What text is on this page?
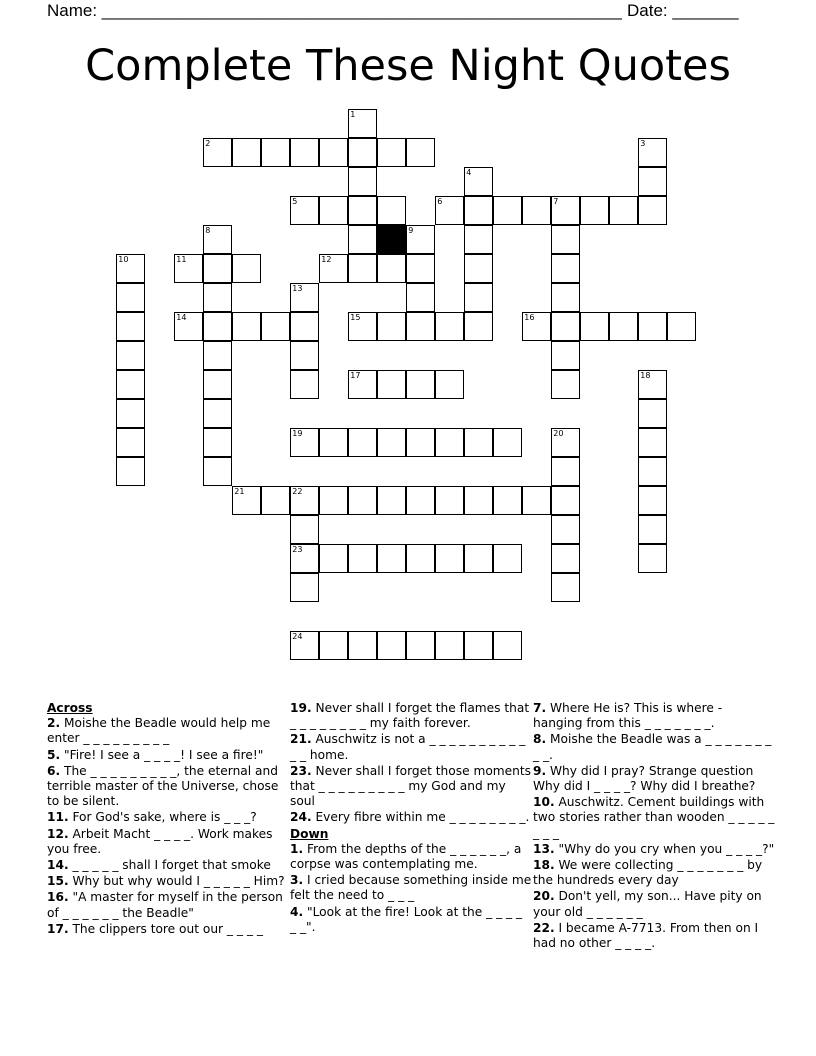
Name: _______________________________________________________ Date: _______
Complete These Night Quotes
1
2	3
4
5	6	7
8	9
10	11	12
13
14	15	16
17	18
19	20
21	22
23
24
Across
2. Moishe the Beadle would help me enter _ _ _ _ _ _ _ _ _
5. "Fire! I see a _ _ _ _! I see a fire!"
6. The _ _ _ _ _ _ _ _ _, the eternal and terrible master of the Universe, chose to be silent.
11. For God's sake, where is _ _ _?
12. Arbeit Macht _ _ _ _. Work makes you free.
14. _ _ _ _ _ shall I forget that smoke
15. Why but why would I _ _ _ _ _ Him?
16. "A master for myself in the person of _ _ _ _ _ _ the Beadle"
17. The clippers tore out our _ _ _ _
19. Never shall I forget the flames that _ _ _ _ _ _ _ _ my faith forever.
21. Auschwitz is not a _ _ _ _ _ _ _ _ _ _ _ _ home.
23. Never shall I forget those moments that _ _ _ _ _ _ _ _ _ my God and my soul
24. Every fibre within me _ _ _ _ _ _ _ _.
Down
1. From the depths of the _ _ _ _ _ _, a corpse was contemplating me.
3. I cried because something inside me felt the need to _ _ _
4. "Look at the fire! Look at the _ _ _ _ _ _".
7. Where He is? This is where - hanging from this _ _ _ _ _ _ _.
8. Moishe the Beadle was a _ _ _ _ _ _ _ _ _.
9. Why did I pray? Strange question Why did I _ _ _ _? Why did I breathe?
10. Auschwitz. Cement buildings with two stories rather than wooden _ _ _ _ _ _ _ _
13. "Why do you cry when you _ _ _ _?"
18. We were collecting _ _ _ _ _ _ _ by the hundreds every day
20. Don't yell, my son... Have pity on your old _ _ _ _ _ _
22. I became A-7713. From then on I had no other _ _ _ _.
